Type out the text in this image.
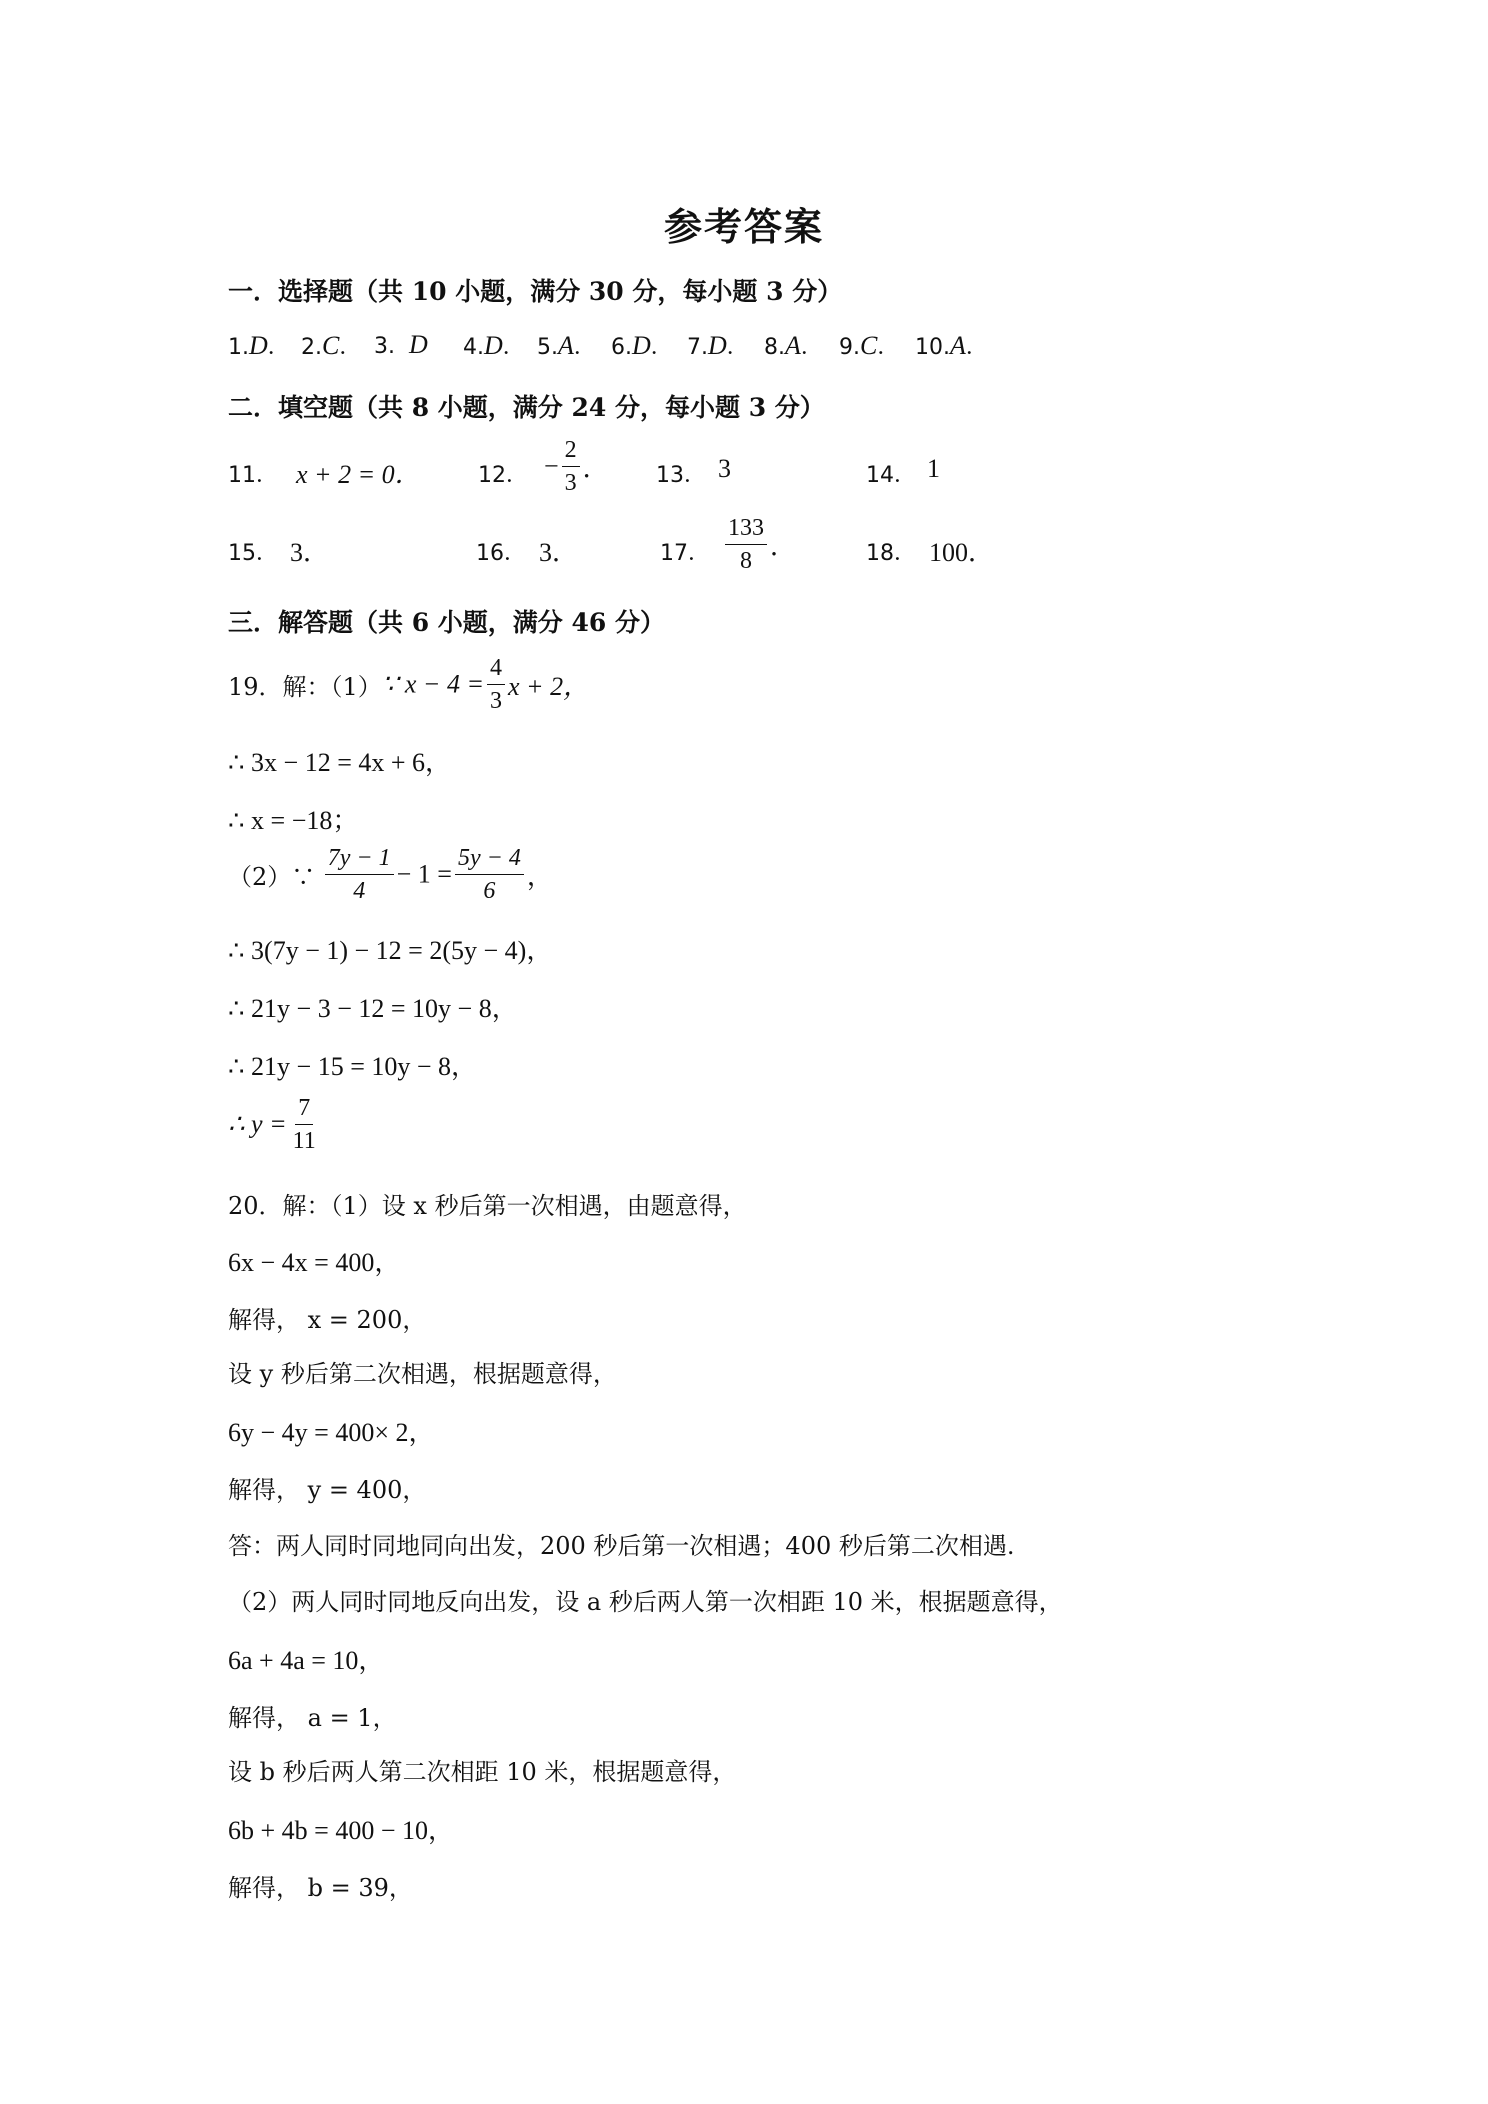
参考答案
一．选择题（共 10 小题，满分 30 分，每小题 3 分）
1.D． 2.C． 3. D 4.D． 5.A． 6.D． 7.D． 8.A． 9.C． 10.A．
二．填空题（共 8 小题，满分 24 分，每小题 3 分）
11． x + 2 = 0．	12． − $\frac{2}{3}$ ． 13． 3	14． 1
15． 3．	16． 3．	17． $\frac{133}{8}$ ．	18． 100．
三．解答题（共 6 小题，满分 46 分）
19．解：（1）∵ $x - 4 = \frac{4}{3}$ x + 2，
∴ 3x − 12 = 4x + 6，
∴ x = −18；
（2）∵ $\frac{7y - 1}{4} - 1 = \frac{5y - 4}{6}$ ，
∴ 3(7y − 1) − 12 = 2(5y − 4)，
∴ 21y − 3 − 12 = 10y − 8，
∴ 21y − 15 = 10y − 8，
∴ $y = \frac{7}{11}$
20．解：（1）设 x 秒后第一次相遇，由题意得，
6x − 4x = 400，
解得， x = 200，
设 y 秒后第二次相遇，根据题意得，
6y − 4y = 400× 2，
解得， y = 400，
答：两人同时同地同向出发，200 秒后第一次相遇；400 秒后第二次相遇.
（2）两人同时同地反向出发，设 a 秒后两人第一次相距 10 米，根据题意得，
6a + 4a = 10，
解得， a = 1，
设 b 秒后两人第二次相距 10 米，根据题意得，
6b + 4b = 400 − 10，
解得， b = 39，
